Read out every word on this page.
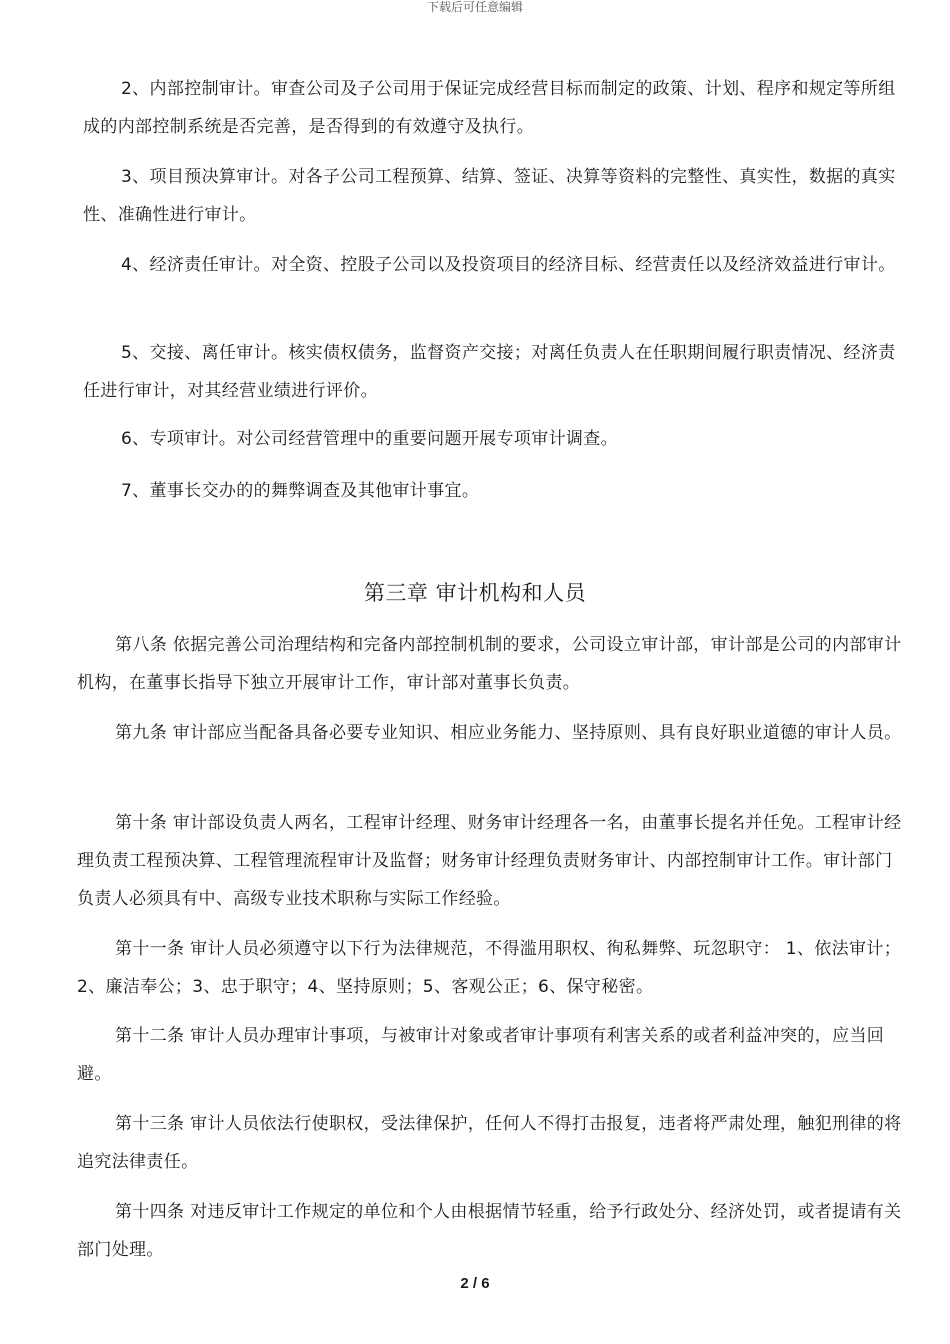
下载后可任意编辑

2、内部控制审计。审查公司及子公司用于保证完成经营目标而制定的政策、计划、程序和规定等所组成的内部控制系统是否完善，是否得到的有效遵守及执行。

3、项目预决算审计。对各子公司工程预算、结算、签证、决算等资料的完整性、真实性，数据的真实性、准确性进行审计。

4、经济责任审计。对全资、控股子公司以及投资项目的经济目标、经营责任以及经济效益进行审计。

5、交接、离任审计。核实债权债务，监督资产交接；对离任负责人在任职期间履行职责情况、经济责任进行审计，对其经营业绩进行评价。

6、专项审计。对公司经营管理中的重要问题开展专项审计调查。

7、董事长交办的的舞弊调查及其他审计事宜。

第三章 审计机构和人员

第八条 依据完善公司治理结构和完备内部控制机制的要求，公司设立审计部，审计部是公司的内部审计机构，在董事长指导下独立开展审计工作，审计部对董事长负责。

第九条 审计部应当配备具备必要专业知识、相应业务能力、坚持原则、具有良好职业道德的审计人员。

第十条 审计部设负责人两名，工程审计经理、财务审计经理各一名，由董事长提名并任免。工程审计经理负责工程预决算、工程管理流程审计及监督；财务审计经理负责财务审计、内部控制审计工作。审计部门负责人必须具有中、高级专业技术职称与实际工作经验。

第十一条 审计人员必须遵守以下行为法律规范，不得滥用职权、徇私舞弊、玩忽职守： 1、依法审计；2、廉洁奉公；3、忠于职守；4、坚持原则；5、客观公正；6、保守秘密。

第十二条 审计人员办理审计事项，与被审计对象或者审计事项有利害关系的或者利益冲突的，应当回避。

第十三条 审计人员依法行使职权，受法律保护，任何人不得打击报复，违者将严肃处理，触犯刑律的将追究法律责任。

第十四条 对违反审计工作规定的单位和个人由根据情节轻重，给予行政处分、经济处罚，或者提请有关部门处理。

2 / 6
